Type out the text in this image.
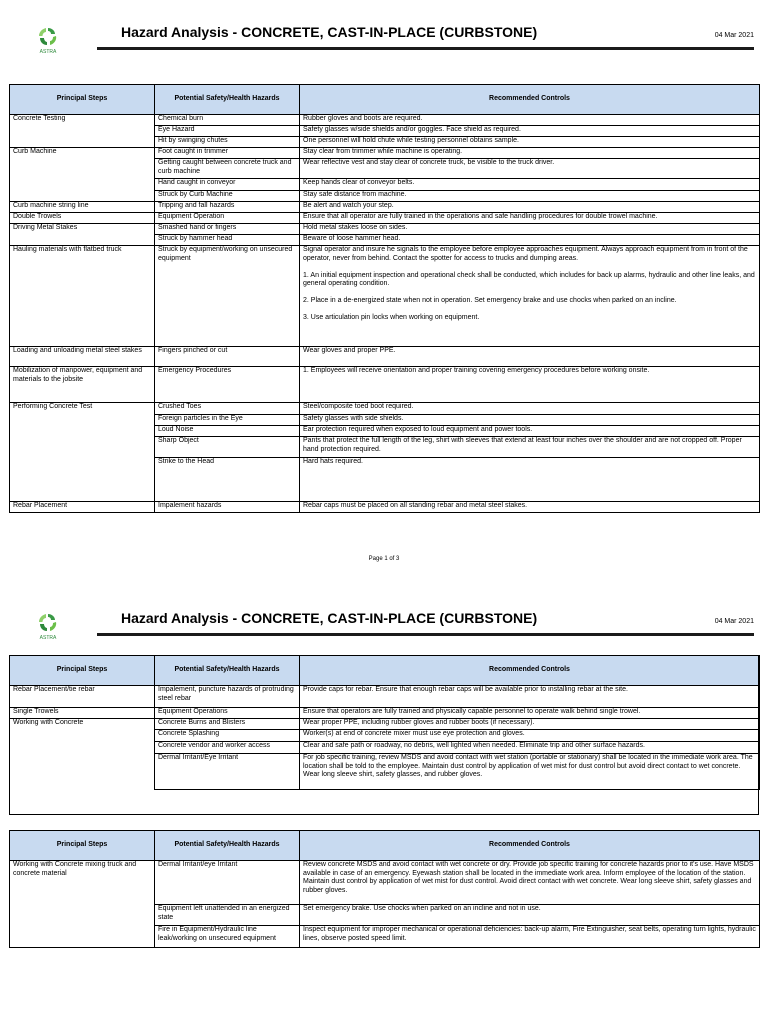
ASTRA
Hazard Analysis - CONCRETE, CAST-IN-PLACE (CURBSTONE)	04 Mar 2021
Principal Steps	Potential Safety/Health Hazards	Recommended Controls
Concrete Testing	Chemical burn	Rubber gloves and boots are required.
	Eye Hazard	Safety glasses w/side shields and/or goggles. Face shield as required.
	Hit by swinging chutes	One personnel will hold chute while testing personnel obtains sample.
Curb Machine	Foot caught in trimmer	Stay clear from trimmer while machine is operating.
	Getting caught between concrete truck and curb machine	Wear reflective vest and stay clear of concrete truck, be visible to the truck driver.
	Hand caught in conveyor	Keep hands clear of conveyor belts.
	Struck by Curb Machine	Stay safe distance from machine.
Curb machine string line	Tripping and fall hazards	Be alert and watch your step.
Double Trowels	Equipment Operation	Ensure that all operator are fully trained in the operations and safe handling procedures for double trowel machine.
Driving Metal Stakes	Smashed hand or fingers	Hold metal stakes loose on sides.
	Struck by hammer head	Beware of loose hammer head.
Hauling materials with flatbed truck	Struck by equipment/working on unsecured equipment	Signal operator and insure he signals to the employee before employee approaches equipment. Always approach equipment from in front of the operator, never from behind. Contact the spotter for access to trucks and dumping areas.

1. An initial equipment inspection and operational check shall be conducted, which includes for back up alarms, hydraulic and other line leaks, and general operating condition.

2. Place in a de-energized state when not in operation. Set emergency brake and use chocks when parked on an incline.

3. Use articulation pin locks when working on equipment.
Loading and unloading metal steel stakes	Fingers pinched or cut	Wear gloves and proper PPE.
Mobilization of manpower, equipment and materials to the jobsite	Emergency Procedures	1. Employees will receive orientation and proper training covering emergency procedures before working onsite.
Performing Concrete Test	Crushed Toes	Steel/composite toed boot required.
	Foreign particles in the Eye	Safety glasses with side shields.
	Loud Noise	Ear protection required when exposed to loud equipment and power tools.
	Sharp Object	Pants that protect the full length of the leg, shirt with sleeves that extend at least four inches over the shoulder and are not cropped off. Proper hand protection required.
	Strike to the Head	Hard hats required.
Rebar Placement	Impalement hazards	Rebar caps must be placed on all standing rebar and metal steel stakes.
Page 1 of 3
ASTRA
Hazard Analysis - CONCRETE, CAST-IN-PLACE (CURBSTONE)	04 Mar 2021
Principal Steps	Potential Safety/Health Hazards	Recommended Controls
Rebar Placement/tie rebar	Impalement, puncture hazards of protruding steel rebar	Provide caps for rebar. Ensure that enough rebar caps will be available prior to installing rebar at the site.
Single Trowels	Equipment Operations	Ensure that operators are fully trained and physically capable personnel to operate walk behind single trowel.
Working with Concrete	Concrete Burns and Blisters	Wear proper PPE, including rubber gloves and rubber boots (if necessary).
	Concrete Splashing	Worker(s) at end of concrete mixer must use eye protection and gloves.
	Concrete vendor and worker access	Clear and safe path or roadway, no debris, well lighted when needed. Eliminate trip and other surface hazards.
	Dermal Irritant/Eye Irritant	For job specific training, review MSDS and avoid contact with wet station (portable or stationary) shall be located in the immediate work area. The location shall be told to the employee. Maintain dust control by application of wet mist for dust control but avoid direct contact to wet concrete. Wear long sleeve shirt, safety glasses, and rubber gloves.

Principal Steps	Potential Safety/Health Hazards	Recommended Controls
Working with Concrete mixing truck and concrete material	Dermal Irritant/eye Irritant	Review concrete MSDS and avoid contact with wet concrete or dry. Provide job specific training for concrete hazards prior to it's use. Have MSDS available in case of an emergency. Eyewash station shall be located in the immediate work area. Inform employee of the location of the station. Maintain dust control by application of wet mist for dust control. Avoid direct contact with wet concrete. Wear long sleeve shirt, safety glasses and rubber gloves.
	Equipment left unattended in an energized state	Set emergency brake. Use chocks when parked on an incline and not in use.
	Fire in Equipment/Hydraulic line leak/working on unsecured equipment	Inspect equipment for improper mechanical or operational deficiencies: back-up alarm, Fire Extinguisher, seat belts, operating turn lights, hydraulic lines, observe posted speed limit.
